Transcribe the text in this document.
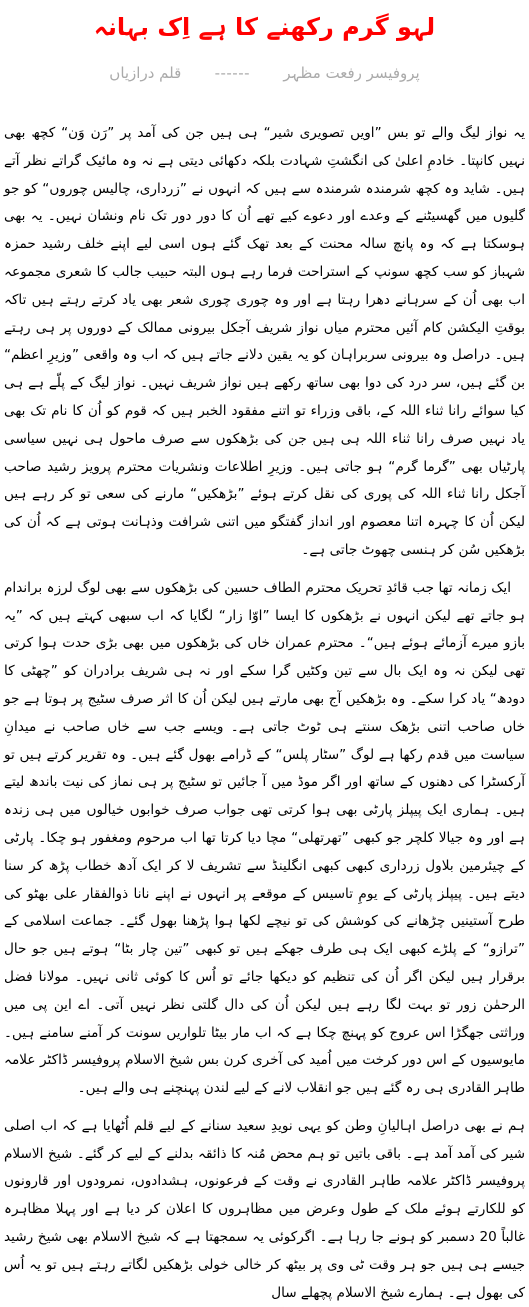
لہو گرم رکھنے کا ہے اِک بہانہ
پروفیسر رفعت مظہر ------ قلم درازیاں

یہ نواز لیگ والے تو بس ”اویں تصویری شیر“ ہی ہیں جن کی آمد پر ”رَن وَن“ کچھ بھی نہیں کانپتا۔ خادمِ اعلیٰ کی انگشتِ شہادت بلکہ دکھائی دیتی ہے نہ وہ مائیک گراتے نظر آتے ہیں۔ شاید وہ کچھ شرمندہ شرمندہ سے ہیں کہ انہوں نے ”زرداری، چالیس چوروں“ کو جو گلیوں میں گھسیٹنے کے وعدے اور دعوے کیے تھے اُن کا دور دور تک نام ونشان نہیں۔ یہ بھی ہوسکتا ہے کہ وہ پانچ سالہ محنت کے بعد تھک گئے ہوں اسی لیے اپنے خلف رشید حمزہ شہباز کو سب کچھ سونپ کے استراحت فرما رہے ہوں البتہ حبیب جالب کا شعری مجموعہ اب بھی اُن کے سرہانے دھرا رہتا ہے اور وہ چوری چوری شعر بھی یاد کرتے رہتے ہیں تاکہ بوقتِ الیکشن کام آئیں محترم میاں نواز شریف آجکل بیرونی ممالک کے دوروں پر ہی رہتے ہیں۔ دراصل وہ بیرونی سربراہان کو یہ یقین دلانے جاتے ہیں کہ اب وہ واقعی ”وزیرِ اعظم“ بن گئے ہیں، سر درد کی دوا بھی ساتھ رکھے ہیں نواز شریف نہیں۔ نواز لیگ کے پلّے ہے ہی کیا سوائے رانا ثناء اللہ کے، باقی وزراء تو اتنے مفقود الخبر ہیں کہ قوم کو اُن کا نام تک بھی یاد نہیں صرف رانا ثناء اللہ ہی ہیں جن کی بڑھکوں سے صرف ماحول ہی نہیں سیاسی پارٹیاں بھی ”گرما گرم“ ہو جاتی ہیں۔ وزیرِ اطلاعات ونشریات محترم پرویز رشید صاحب آجکل رانا ثناء اللہ کی پوری کی نقل کرتے ہوئے ”بڑھکیں“ مارنے کی سعی تو کر رہے ہیں لیکن اُن کا چہرہ اتنا معصوم اور انداز گفتگو میں اتنی شرافت وذہانت ہوتی ہے کہ اُن کی بڑھکیں سُن کر ہنسی چھوٹ جاتی ہے۔

ایک زمانہ تھا جب قائدِ تحریک محترم الطاف حسین کی بڑھکوں سے بھی لوگ لرزہ براندام ہو جاتے تھے لیکن انہوں نے بڑھکوں کا ایسا ”اوّا زار“ لگایا کہ اب سبھی کہتے ہیں کہ ”یہ بازو میرے آزمائے ہوئے ہیں“۔ محترم عمران خاں کی بڑھکوں میں بھی بڑی حدت ہوا کرتی تھی لیکن نہ وہ ایک بال سے تین وکٹیں گرا سکے اور نہ ہی شریف برادران کو ”چھٹی کا دودھ“ یاد کرا سکے۔ وہ بڑھکیں آج بھی مارتے ہیں لیکن اُن کا اثر صرف سٹیج پر ہوتا ہے جو خاں صاحب اتنی بڑھک سنتے ہی ٹوٹ جاتی ہے۔ ویسے جب سے خاں صاحب نے میدانِ سیاست میں قدم رکھا ہے لوگ ”سٹار پلس“ کے ڈرامے بھول گئے ہیں۔ وہ تقریر کرتے ہیں تو آرکسٹرا کی دھنوں کے ساتھ اور اگر موڈ میں آ جائیں تو سٹیج پر ہی نماز کی نیت باندھ لیتے ہیں۔ ہماری ایک پیپلز پارٹی بھی ہوا کرتی تھی جواب صرف خوابوں خیالوں میں ہی زندہ ہے اور وہ جیالا کلچر جو کبھی ”تھرتھلی“ مچا دیا کرتا تھا اب مرحوم ومغفور ہو چکا۔ پارٹی کے چیئرمین بلاول زرداری کبھی کبھی انگلینڈ سے تشریف لا کر ایک آدھ خطاب پڑھ کر سنا دیتے ہیں۔ پیپلز پارٹی کے یومِ تاسیس کے موقعے پر انہوں نے اپنے نانا ذوالفقار علی بھٹو کی طرح آستینیں چڑھانے کی کوشش کی تو نیچے لکھا ہوا پڑھنا بھول گئے۔ جماعت اسلامی کے ”ترازو“ کے پلڑے کبھی ایک ہی طرف جھکے ہیں تو کبھی ”تین چار بٹا“ ہوتے ہیں جو حال برقرار ہیں لیکن اگر اُن کی تنظیم کو دیکھا جائے تو اُس کا کوئی ثانی نہیں۔ مولانا فضل الرحمٰن زور تو بہت لگا رہے ہیں لیکن اُن کی دال گلتی نظر نہیں آتی۔ اے این پی میں وراثتی جھگڑا اس عروج کو پہنچ چکا ہے کہ اب مار بیٹا تلواریں سونت کر آمنے سامنے ہیں۔ مایوسیوں کے اس دور کرخت میں اُمید کی آخری کرن بس شیخ الاسلام پروفیسر ڈاکٹر علامہ طاہر القادری ہی رہ گئے ہیں جو انقلاب لانے کے لیے لندن پہنچنے ہی والے ہیں۔

ہم نے بھی دراصل اہالیانِ وطن کو یہی نویدِ سعید سنانے کے لیے قلم اُٹھایا ہے کہ اب اصلی شیر کی آمد آمد ہے۔ باقی باتیں تو ہم محض مُنہ کا ذائقہ بدلنے کے لیے کر گئے۔ شیخ الاسلام پروفیسر ڈاکٹر علامہ طاہر القادری نے وقت کے فرعونوں، ہشدادوں، نمرودوں اور قارونوں کو للکارتے ہوئے ملک کے طول وعرض میں مظاہروں کا اعلان کر دیا ہے اور پہلا مظاہرہ غالباً 20 دسمبر کو ہونے جا رہا ہے۔ اگرکوئی یہ سمجھتا ہے کہ شیخ الاسلام بھی شیخ رشید جیسے ہی ہیں جو ہر وقت ٹی وی پر بیٹھ کر خالی خولی بڑھکیں لگاتے رہتے ہیں تو یہ اُس کی بھول ہے۔ ہمارے شیخ الاسلام پچھلے سال
